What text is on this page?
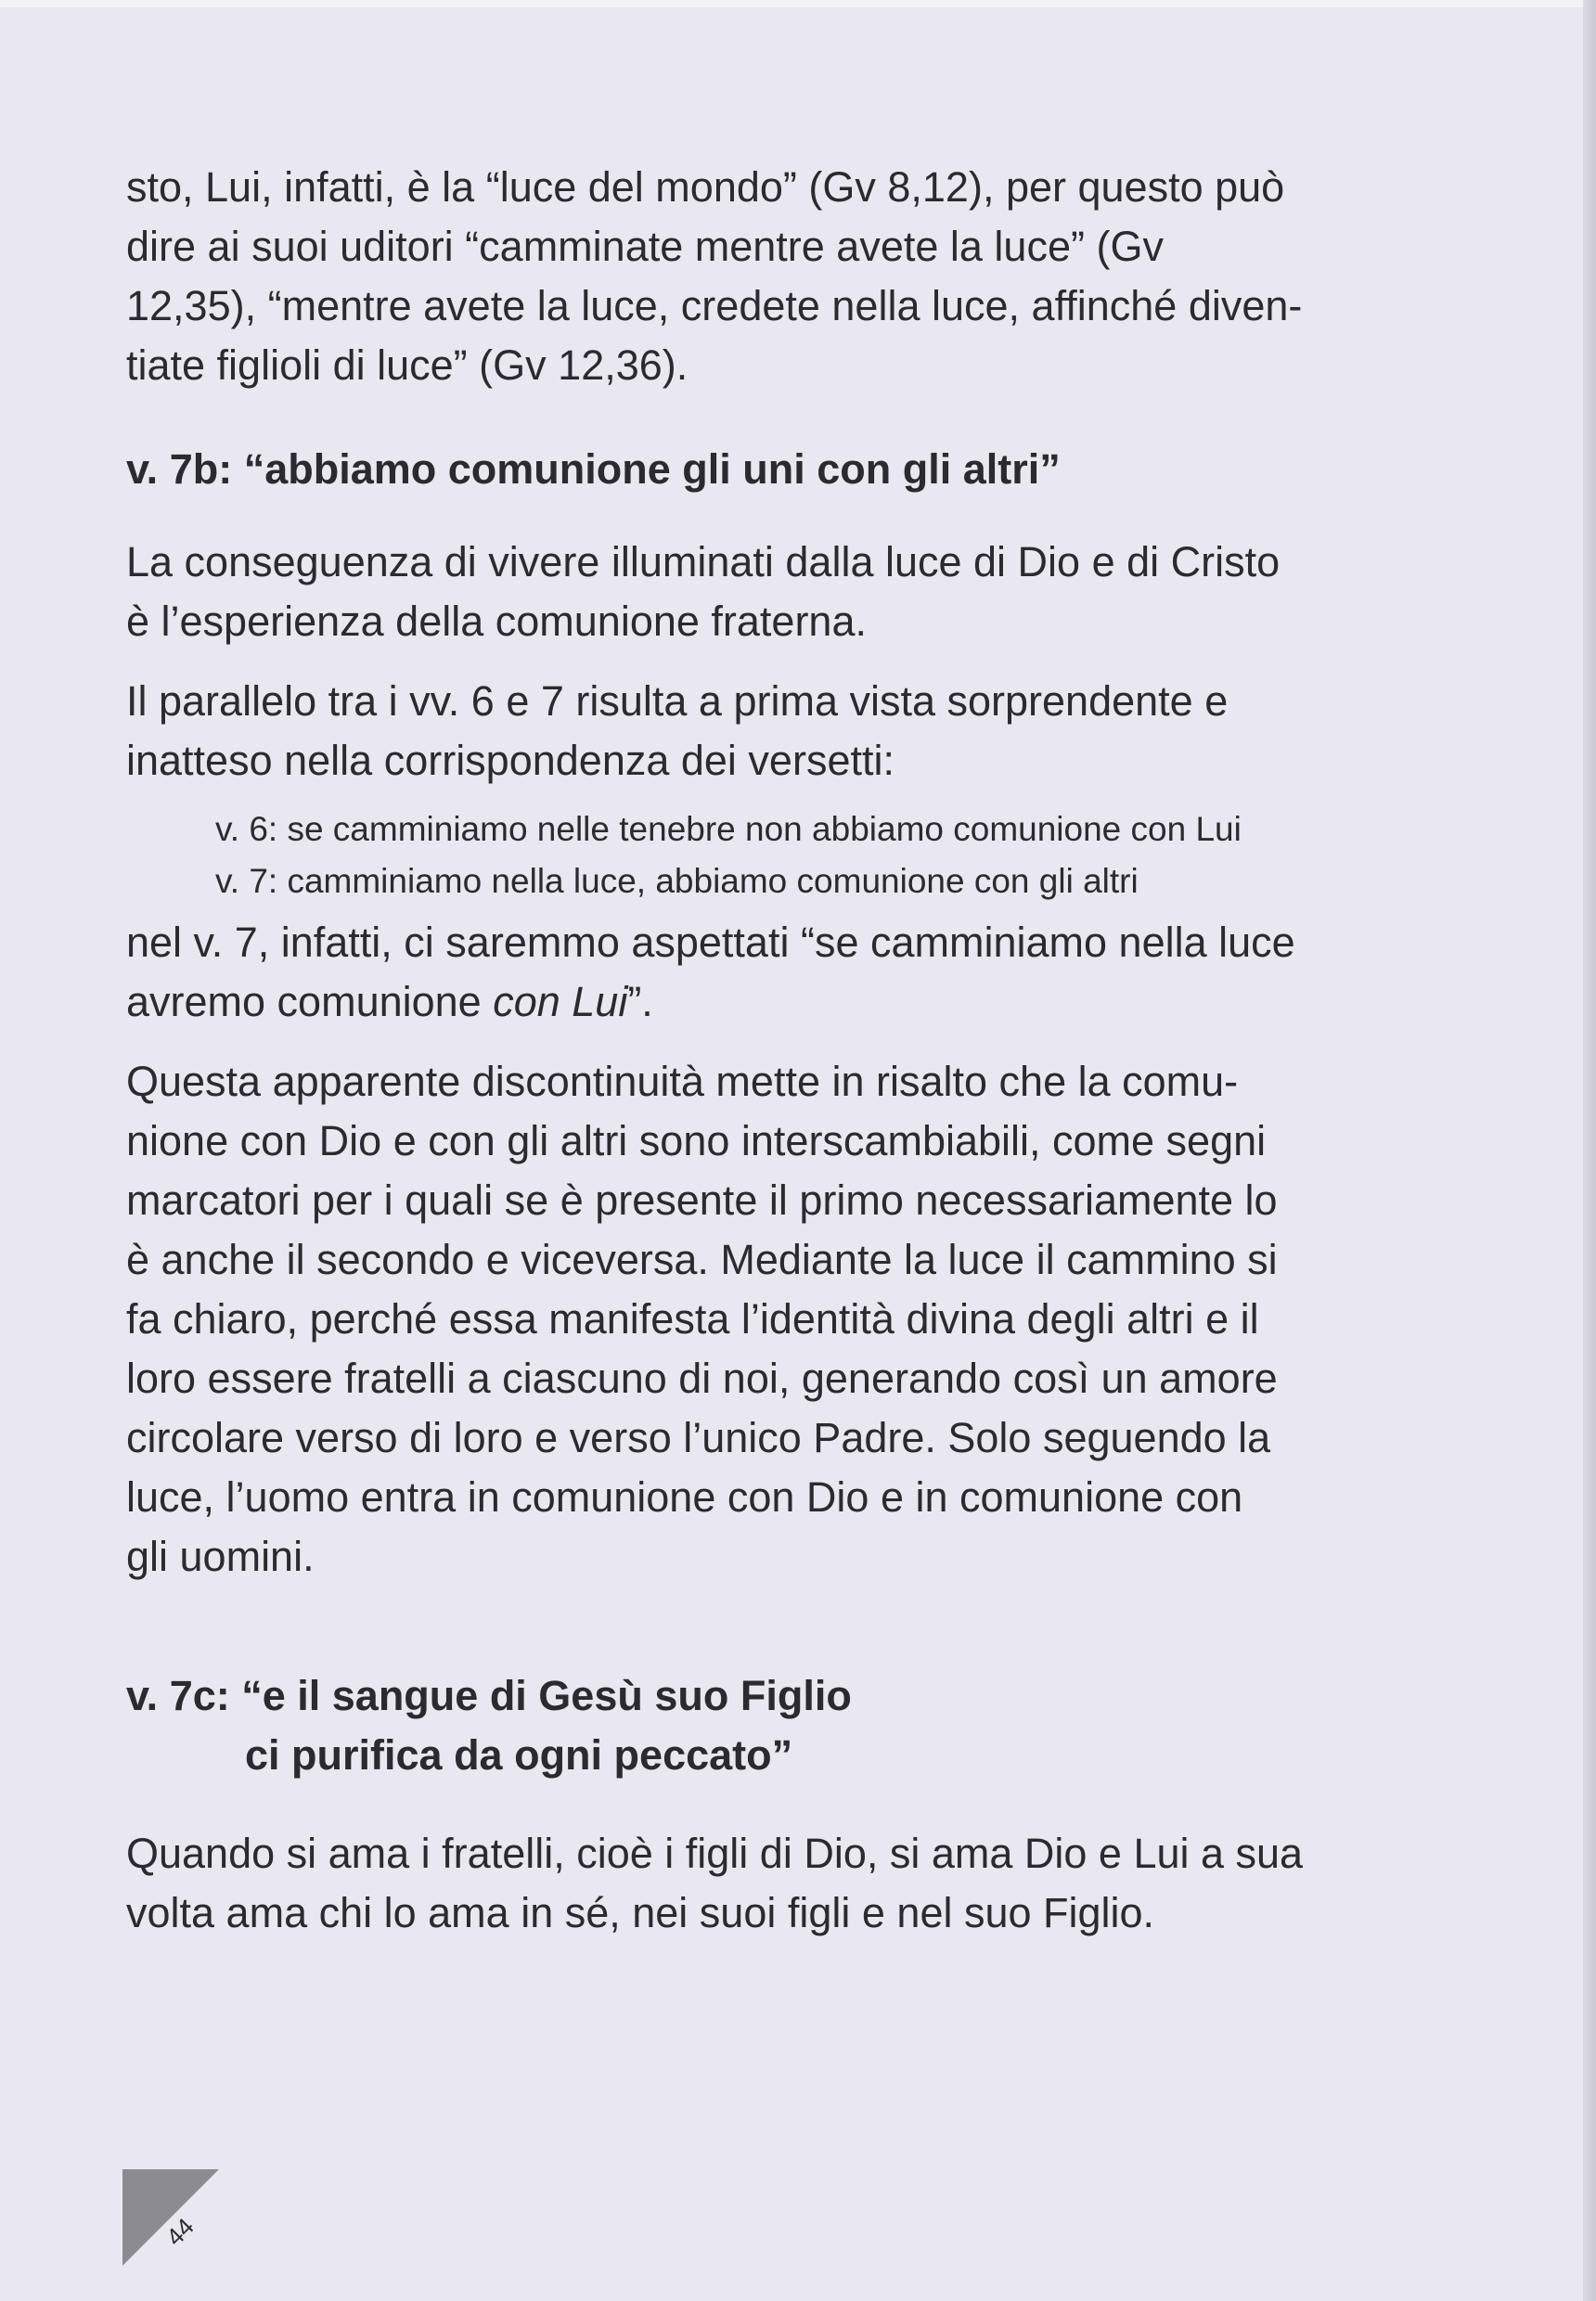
sto, Lui, infatti, è la “luce del mondo” (Gv 8,12), per questo può

dire ai suoi uditori “camminate mentre avete la luce” (Gv

12,35), “mentre avete la luce, credete nella luce, affinché diven-

tiate figlioli di luce” (Gv 12,36).

v. 7b: “abbiamo comunione gli uni con gli altri”

La conseguenza di vivere illuminati dalla luce di Dio e di Cristo

è l’esperienza della comunione fraterna.

Il parallelo tra i vv. 6 e 7 risulta a prima vista sorprendente e

inatteso nella corrispondenza dei versetti:

v. 6: se camminiamo nelle tenebre non abbiamo comunione con Lui

v. 7: camminiamo nella luce, abbiamo comunione con gli altri

nel v. 7, infatti, ci saremmo aspettati “se camminiamo nella luce

avremo comunione con Lui”.

Questa apparente discontinuità mette in risalto che la comu-

nione con Dio e con gli altri sono interscambiabili, come segni

marcatori per i quali se è presente il primo necessariamente lo

è anche il secondo e viceversa. Mediante la luce il cammino si

fa chiaro, perché essa manifesta l’identità divina degli altri e il

loro essere fratelli a ciascuno di noi, generando così un amore

circolare verso di loro e verso l’unico Padre. Solo seguendo la

luce, l’uomo entra in comunione con Dio e in comunione con

gli uomini.

v. 7c: “e il sangue di Gesù suo Figlio

ci purifica da ogni peccato”

Quando si ama i fratelli, cioè i figli di Dio, si ama Dio e Lui a sua

volta ama chi lo ama in sé, nei suoi figli e nel suo Figlio.

44
